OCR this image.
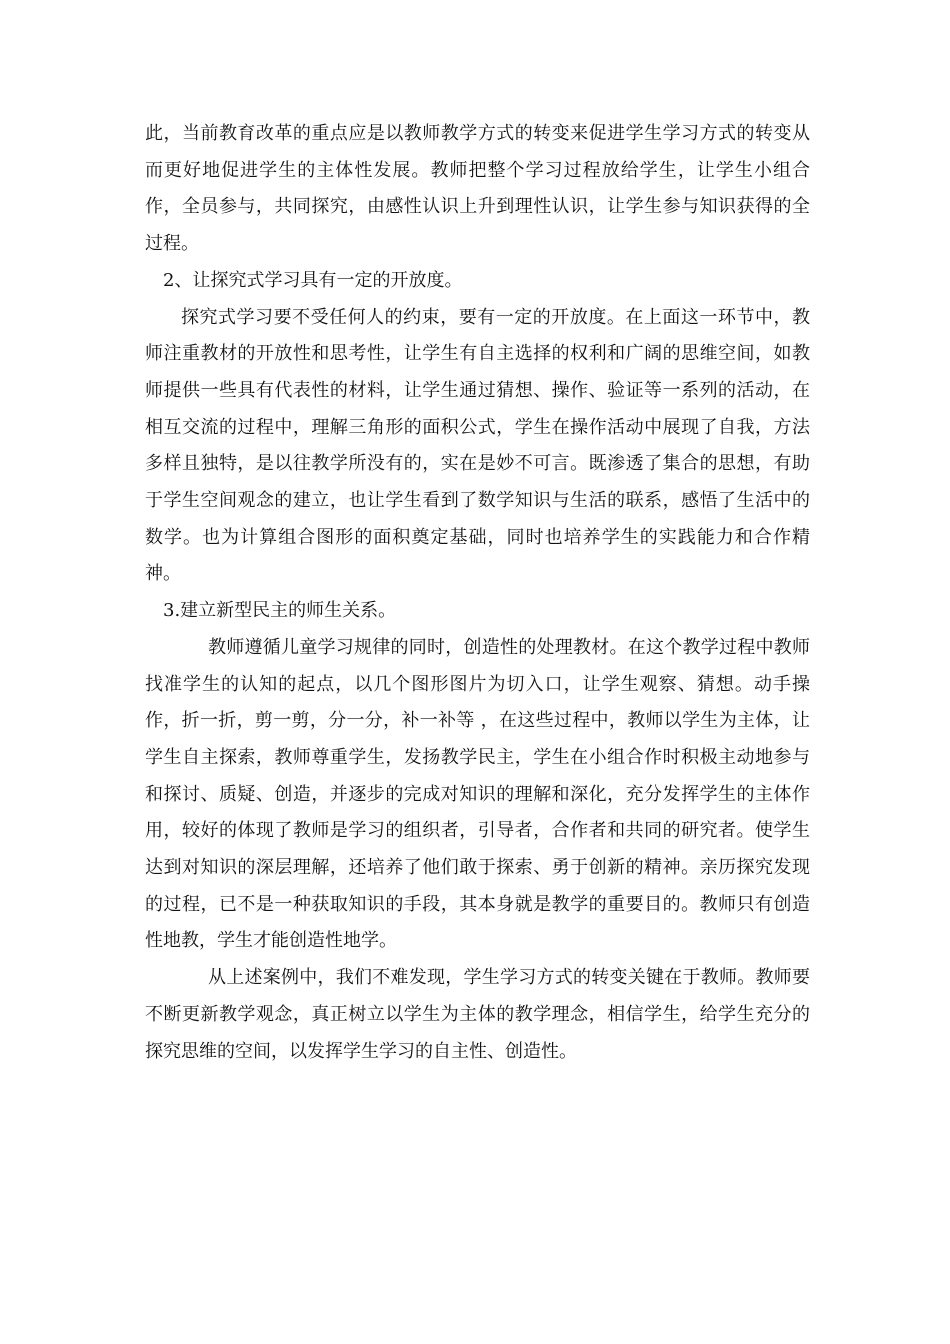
此，当前教育改革的重点应是以教师教学方式的转变来促进学生学习方式的转变从而更好地促进学生的主体性发展。教师把整个学习过程放给学生，让学生小组合作，全员参与，共同探究，由感性认识上升到理性认识，让学生参与知识获得的全过程。

2、让探究式学习具有一定的开放度。

探究式学习要不受任何人的约束，要有一定的开放度。在上面这一环节中，教师注重教材的开放性和思考性，让学生有自主选择的权利和广阔的思维空间，如教师提供一些具有代表性的材料，让学生通过猜想、操作、验证等一系列的活动，在相互交流的过程中，理解三角形的面积公式，学生在操作活动中展现了自我，方法多样且独特，是以往教学所没有的，实在是妙不可言。既渗透了集合的思想，有助于学生空间观念的建立，也让学生看到了数学知识与生活的联系，感悟了生活中的数学。也为计算组合图形的面积奠定基础，同时也培养学生的实践能力和合作精神。

3.建立新型民主的师生关系。

教师遵循儿童学习规律的同时，创造性的处理教材。在这个教学过程中教师找准学生的认知的起点，以几个图形图片为切入口，让学生观察、猜想。动手操作，折一折，剪一剪，分一分，补一补等 ，在这些过程中，教师以学生为主体，让学生自主探索，教师尊重学生，发扬教学民主，学生在小组合作时积极主动地参与和探讨、质疑、创造，并逐步的完成对知识的理解和深化，充分发挥学生的主体作用，较好的体现了教师是学习的组织者，引导者，合作者和共同的研究者。使学生达到对知识的深层理解，还培养了他们敢于探索、勇于创新的精神。亲历探究发现的过程，已不是一种获取知识的手段，其本身就是教学的重要目的。教师只有创造性地教，学生才能创造性地学。

从上述案例中，我们不难发现，学生学习方式的转变关键在于教师。教师要不断更新教学观念，真正树立以学生为主体的教学理念，相信学生，给学生充分的探究思维的空间，以发挥学生学习的自主性、创造性。
